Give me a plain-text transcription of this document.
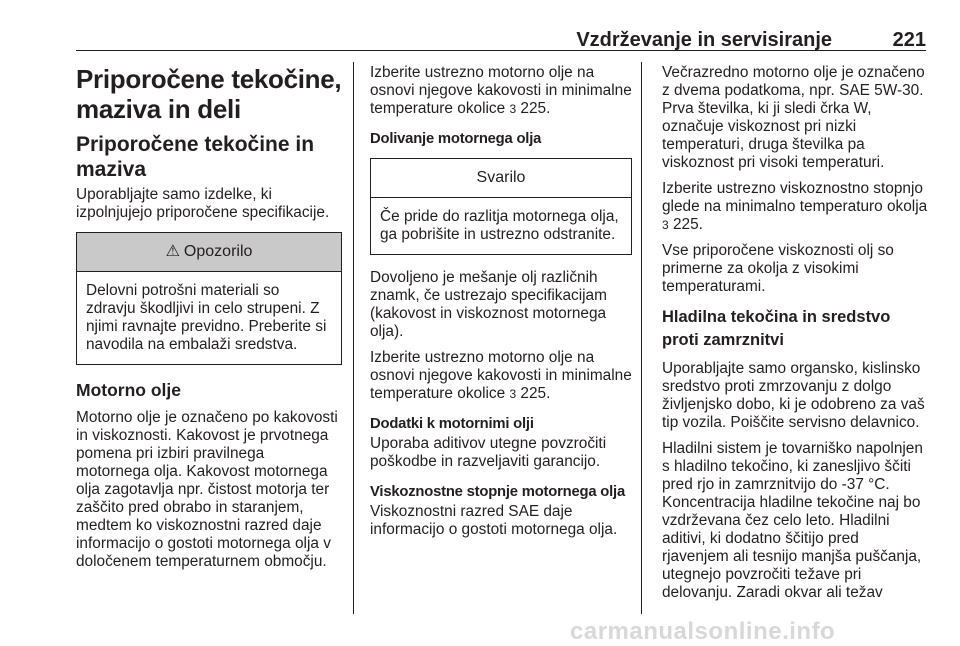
Vzdrževanje in servisiranje	221
Priporočene tekočine, maziva in deli
Priporočene tekočine in maziva

Uporabljajte samo izdelke, ki izpolnjujejo priporočene specifikacije.

⚠ Opozorilo
Delovni potrošni materiali so zdravju škodljivi in celo strupeni. Z njimi ravnajte previdno. Preberite si navodila na embalaži sredstva.
Motorno olje

Motorno olje je označeno po kakovosti in viskoznosti. Kakovost je prvotnega pomena pri izbiri pravilnega motornega olja. Kakovost motornega olja zagotavlja npr. čistost motorja ter zaščito pred obrabo in staranjem, medtem ko viskoznostni razred daje informacijo o gostoti motornega olja v določenem temperaturnem območju.

Izberite ustrezno motorno olje na osnovi njegove kakovosti in minimalne temperature okolice 3 225.

Dolivanje motornega olja
Svarilo
Če pride do razlitja motornega olja, ga pobrišite in ustrezno odstranite.

Dovoljeno je mešanje olj različnih znamk, če ustrezajo specifikacijam (kakovost in viskoznost motornega olja).

Izberite ustrezno motorno olje na osnovi njegove kakovosti in minimalne temperature okolice 3 225.

Dodatki k motornimi olji

Uporaba aditivov utegne povzročiti poškodbe in razveljaviti garancijo.

Viskoznostne stopnje motornega olja

Viskoznostni razred SAE daje informacijo o gostoti motornega olja.

Večrazredno motorno olje je označeno z dvema podatkoma, npr. SAE 5W-30. Prva številka, ki ji sledi črka W, označuje viskoznost pri nizki temperaturi, druga številka pa viskoznost pri visoki temperaturi.

Izberite ustrezno viskoznostno stopnjo glede na minimalno temperaturo okolja 3 225.

Vse priporočene viskoznosti olj so primerne za okolja z visokimi temperaturami.

Hladilna tekočina in sredstvo proti zamrznitvi

Uporabljajte samo organsko, kislinsko sredstvo proti zmrzovanju z dolgo življenjsko dobo, ki je odobreno za vaš tip vozila. Poiščite servisno delavnico.

Hladilni sistem je tovarniško napolnjen s hladilno tekočino, ki zanesljivo ščiti pred rjo in zamrznitvijo do -37 °C. Koncentracija hladilne tekočine naj bo vzdrževana čez celo leto. Hladilni aditivi, ki dodatno ščitijo pred rjavenjem ali tesnijo manjša puščanja, utegnejo povzročiti težave pri delovanju. Zaradi okvar ali težav

carmanualsonline.info
